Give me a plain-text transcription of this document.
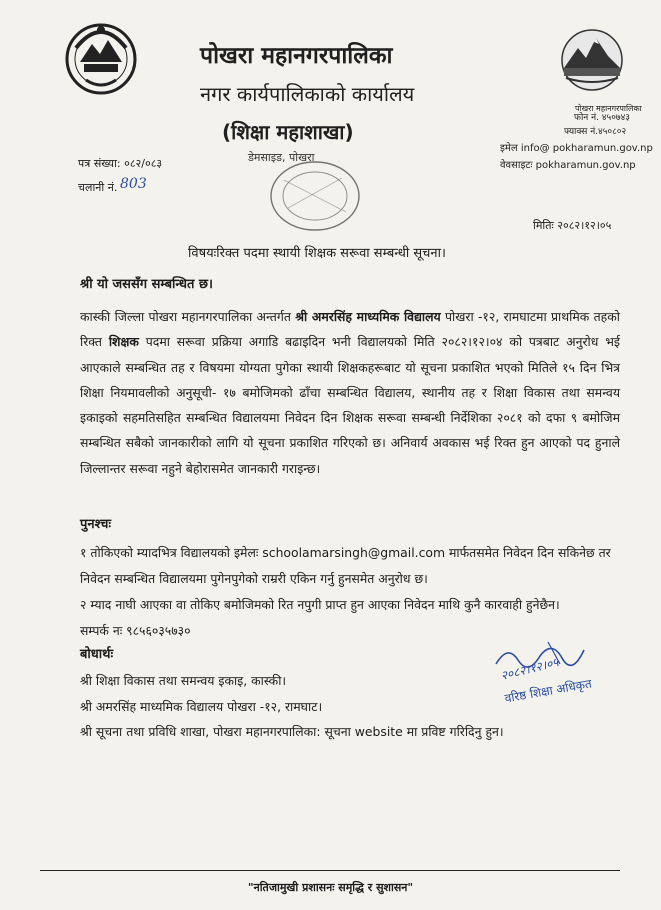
पोखरा महानगरपालिका
पोखरा महानगरपालिका
नगर कार्यपालिकाको कार्यालय
(शिक्षा महाशाखा)
डेमसाइड, पोखरा
फोन नं. ४५०७४३
फ्याक्स नं.४५०८०२
इमेल info@ pokharamun.gov.np
वेवसाइटः pokharamun.gov.np
पत्र संख्या: ०८२/०८३
चलानी नं. 803
मितिः २०८२।१२।०५
विषयःरिक्त पदमा स्थायी शिक्षक सरूवा सम्बन्धी सूचना।
श्री यो जससँग सम्बन्धित छ।

कास्की जिल्ला पोखरा महानगरपालिका अन्तर्गत श्री अमरसिंह माध्यमिक विद्यालय पोखरा -१२, रामघाटमा प्राथमिक तहको रिक्त शिक्षक पदमा सरूवा प्रक्रिया अगाडि बढाइदिन भनी विद्यालयको मिति २०८२।१२।०४ को पत्रबाट अनुरोध भई आएकाले सम्बन्धित तह र विषयमा योग्यता पुगेका स्थायी शिक्षकहरूबाट यो सूचना प्रकाशित भएको मितिले १५ दिन भित्र शिक्षा नियमावलीको अनुसूची- १७ बमोजिमको ढाँचा सम्बन्धित विद्यालय, स्थानीय तह र शिक्षा विकास तथा समन्वय इकाइको सहमतिसहित सम्बन्धित विद्यालयमा निवेदन दिन शिक्षक सरूवा सम्बन्धी निर्देशिका २०८१ को दफा ९ बमोजिम सम्बन्धित सबैको जानकारीको लागि यो सूचना प्रकाशित गरिएको छ। अनिवार्य अवकास भई रिक्त हुन आएको पद हुनाले जिल्लान्तर सरूवा नहुने बेहोरासमेत जानकारी गराइन्छ।

पुनश्चः

१ तोकिएको म्यादभित्र विद्यालयको इमेलः schoolamarsingh@gmail.com मार्फतसमेत निवेदन दिन सकिनेछ तर निवेदन सम्बन्धित विद्यालयमा पुगेनपुगेको राम्ररी एकिन गर्नु हुनसमेत अनुरोध छ।

२ म्याद नाघी आएका वा तोकिए बमोजिमको रित नपुगी प्राप्त हुन आएका निवेदन माथि कुनै कारवाही हुनेछैन।

सम्पर्क नः ९८५६०३५७३०

बोधार्थः

श्री शिक्षा विकास तथा समन्वय इकाइ, कास्की।

श्री अमरसिंह माध्यमिक विद्यालय पोखरा -१२, रामघाट।

श्री सूचना तथा प्रविधि शाखा, पोखरा महानगरपालिका: सूचना website मा प्रविष्ट गरिदिनु हुन।

२०८२।१२।०५
वरिष्ठ शिक्षा अधिकृत
"नतिजामुखी प्रशासनः समृद्धि र सुशासन"
